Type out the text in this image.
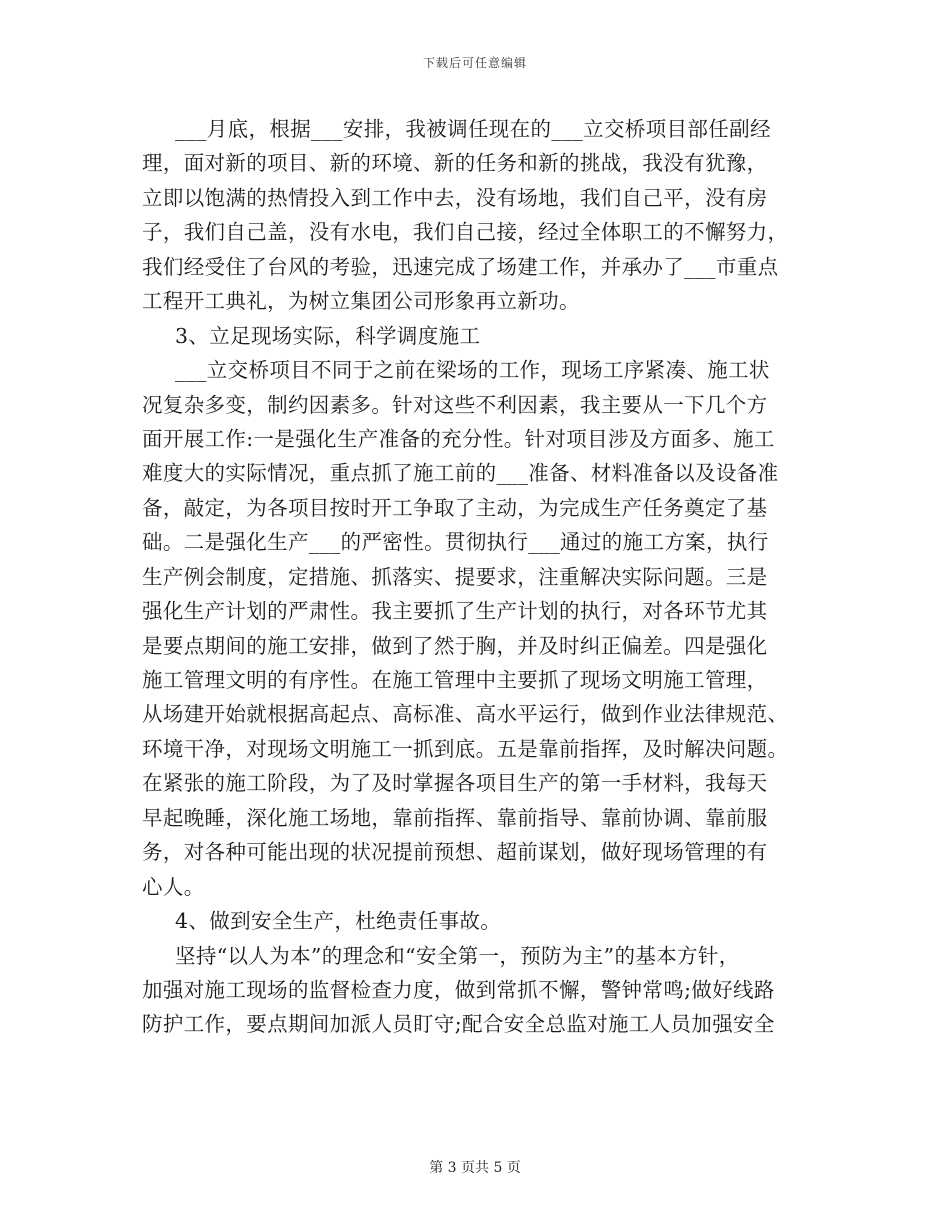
下载后可任意编辑
___月底，根据___安排，我被调任现在的___立交桥项目部任副经
理，面对新的项目、新的环境、新的任务和新的挑战，我没有犹豫，
立即以饱满的热情投入到工作中去，没有场地，我们自己平，没有房
子，我们自己盖，没有水电，我们自己接，经过全体职工的不懈努力，
我们经受住了台风的考验，迅速完成了场建工作，并承办了___市重点
工程开工典礼，为树立集团公司形象再立新功。
3、立足现场实际，科学调度施工
___立交桥项目不同于之前在梁场的工作，现场工序紧凑、施工状
况复杂多变，制约因素多。针对这些不利因素，我主要从一下几个方
面开展工作:一是强化生产准备的充分性。针对项目涉及方面多、施工
难度大的实际情况，重点抓了施工前的___准备、材料准备以及设备准
备，敲定，为各项目按时开工争取了主动，为完成生产任务奠定了基
础。二是强化生产___的严密性。贯彻执行___通过的施工方案，执行
生产例会制度，定措施、抓落实、提要求，注重解决实际问题。三是
强化生产计划的严肃性。我主要抓了生产计划的执行，对各环节尤其
是要点期间的施工安排，做到了然于胸，并及时纠正偏差。四是强化
施工管理文明的有序性。在施工管理中主要抓了现场文明施工管理，
从场建开始就根据高起点、高标准、高水平运行，做到作业法律规范、
环境干净，对现场文明施工一抓到底。五是靠前指挥，及时解决问题。
在紧张的施工阶段，为了及时掌握各项目生产的第一手材料，我每天
早起晚睡，深化施工场地，靠前指挥、靠前指导、靠前协调、靠前服
务，对各种可能出现的状况提前预想、超前谋划，做好现场管理的有
心人。
4、做到安全生产，杜绝责任事故。
坚持“以人为本”的理念和“安全第一，预防为主”的基本方针，
加强对施工现场的监督检查力度，做到常抓不懈，警钟常鸣;做好线路
防护工作，要点期间加派人员盯守;配合安全总监对施工人员加强安全
第 3 页共 5 页
